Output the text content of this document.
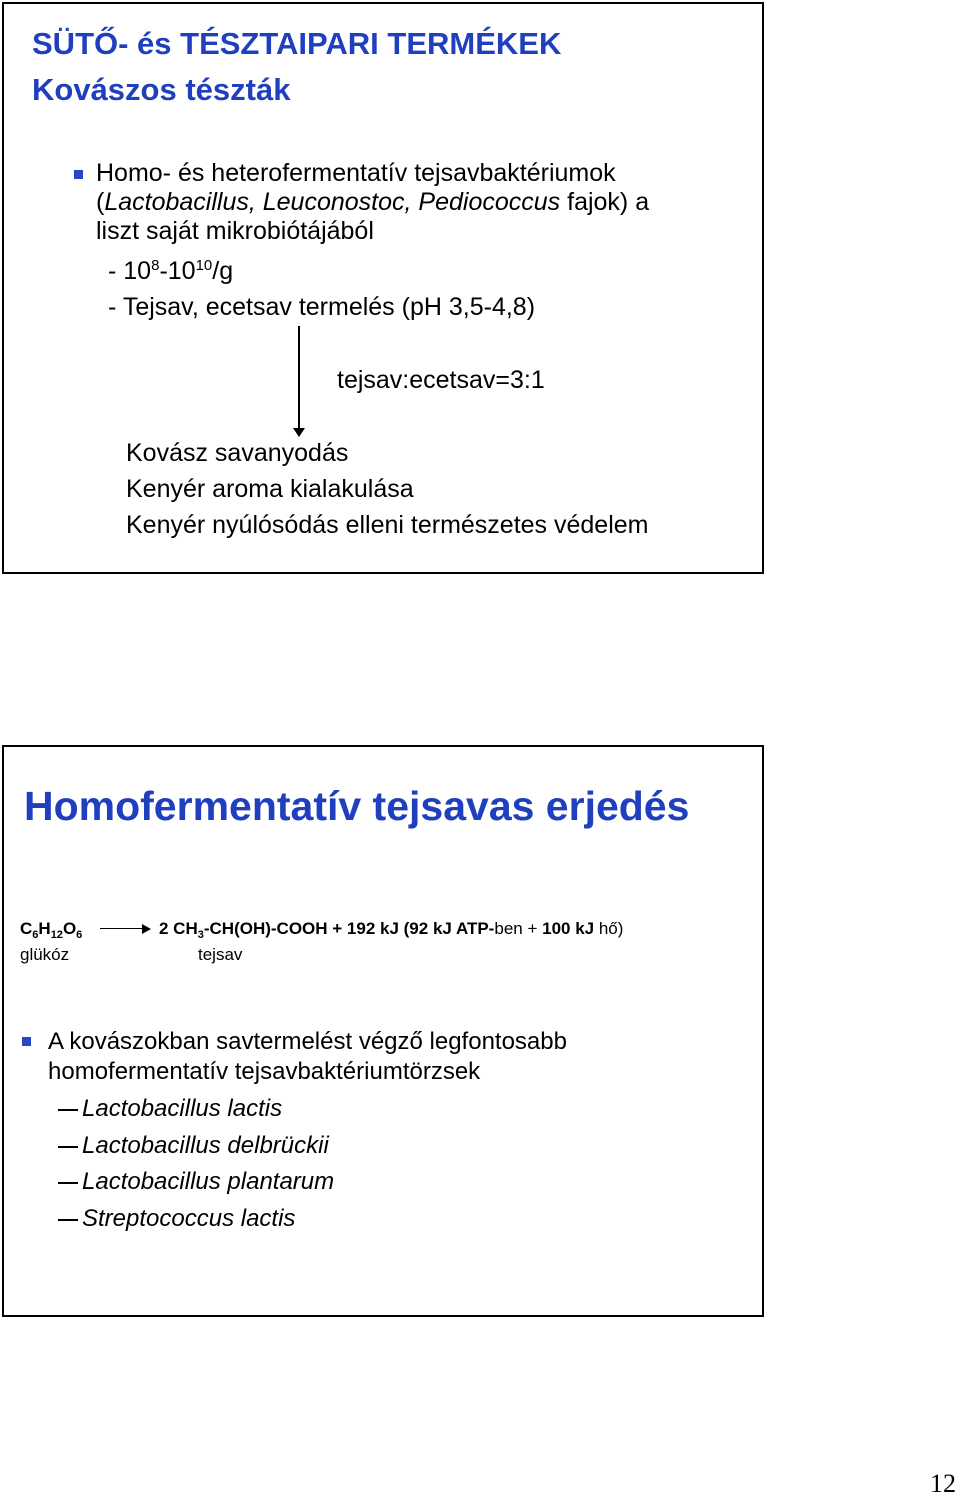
SÜTŐ- és TÉSZTAIPARI TERMÉKEK
Kovászos tészták
Homo- és heterofermentatív tejsavbaktériumok
(Lactobacillus, Leuconostoc, Pediococcus fajok) a
liszt saját mikrobiótájából
- $10^8-10^{10}/g$
- Tejsav, ecetsav termelés (pH 3,5-4,8)
tejsav:ecetsav=3:1
Kovász savanyodás
Kenyér aroma kialakulása
Kenyér nyúlósódás elleni természetes védelem
Homofermentatív tejsavas erjedés
$C_6H_{12}O_6$	2 $CH_3-CH(OH)$-COOH + 192 kJ (92 kJ ATP-ben + 100 kJ hő)
glükóz	tejsav
A kovászokban savtermelést végző legfontosabb
homofermentatív tejsavbaktériumtörzsek
Lactobacillus lactis
Lactobacillus delbrückii
Lactobacillus plantarum
Streptococcus lactis
12
